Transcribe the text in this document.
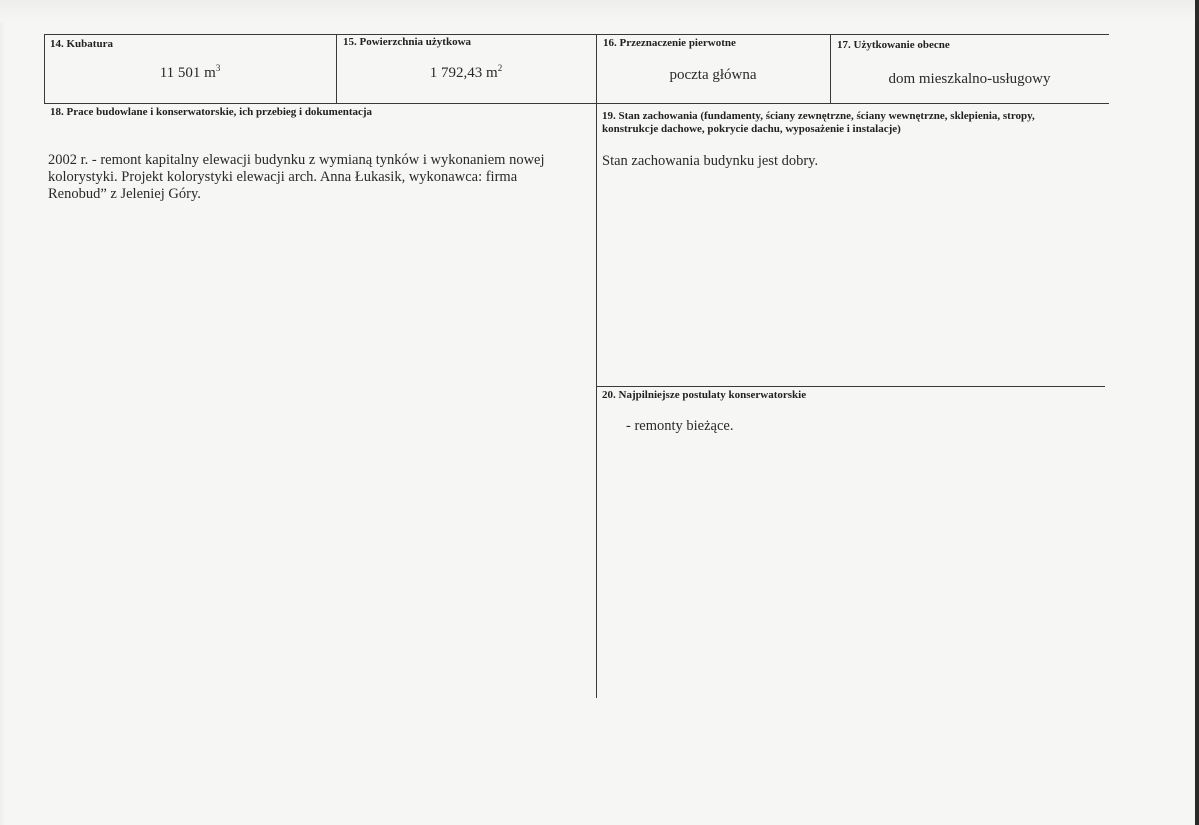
14. Kubatura
11 501 $m^3$
15. Powierzchnia użytkowa
1 792,43 $m^2$
16. Przeznaczenie pierwotne
poczta główna
17. Użytkowanie obecne
dom mieszkalno-usługowy
18. Prace budowlane i konserwatorskie, ich przebieg i dokumentacja
2002 r. - remont kapitalny elewacji budynku z wymianą tynków i wykonaniem nowej kolorystyki. Projekt kolorystyki elewacji arch. Anna Łukasik, wykonawca: firma Renobud” z Jeleniej Góry.
19. Stan zachowania (fundamenty, ściany zewnętrzne, ściany wewnętrzne, sklepienia, stropy, konstrukcje dachowe, pokrycie dachu, wyposażenie i instalacje)
Stan zachowania budynku jest dobry.
20. Najpilniejsze postulaty konserwatorskie
- remonty bieżące.
